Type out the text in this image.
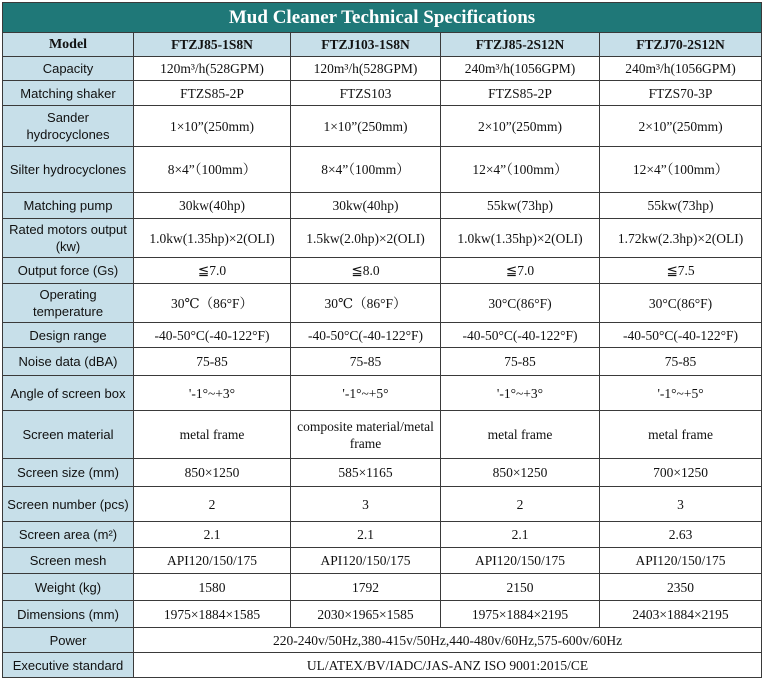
Mud Cleaner Technical Specifications				
Model	FTZJ85-1S8N	FTZJ103-1S8N	FTZJ85-2S12N	FTZJ70-2S12N
Capacity	120m³/h(528GPM)	120m³/h(528GPM)	240m³/h(1056GPM)	240m³/h(1056GPM)
Matching shaker	FTZS85-2P	FTZS103	FTZS85-2P	FTZS70-3P
Sander hydrocyclones	1×10”(250mm)	1×10”(250mm)	2×10”(250mm)	2×10”(250mm)
Silter hydrocyclones	8×4”（100mm）	8×4”（100mm）	12×4”（100mm）	12×4”（100mm）
Matching pump	30kw(40hp)	30kw(40hp)	55kw(73hp)	55kw(73hp)
Rated motors output (kw)	1.0kw(1.35hp)×2(OLI)	1.5kw(2.0hp)×2(OLI)	1.0kw(1.35hp)×2(OLI)	1.72kw(2.3hp)×2(OLI)
Output force (Gs)	≦7.0	≦8.0	≦7.0	≦7.5
Operating temperature	30℃（86°F）	30℃（86°F）	30°C(86°F)	30°C(86°F)
Design range	-40-50°C(-40-122°F)	-40-50°C(-40-122°F)	-40-50°C(-40-122°F)	-40-50°C(-40-122°F)
Noise data (dBA)	75-85	75-85	75-85	75-85
Angle of screen box	'-1°~+3°	'-1°~+5°	'-1°~+3°	'-1°~+5°
Screen material	metal frame	composite material/metal frame	metal frame	metal frame
Screen size (mm)	850×1250	585×1165	850×1250	700×1250
Screen number (pcs)	2	3	2	3
Screen area (m²)	2.1	2.1	2.1	2.63
Screen mesh	API120/150/175	API120/150/175	API120/150/175	API120/150/175
Weight (kg)	1580	1792	2150	2350
Dimensions (mm)	1975×1884×1585	2030×1965×1585	1975×1884×2195	2403×1884×2195
Power	220-240v/50Hz,380-415v/50Hz,440-480v/60Hz,575-600v/60Hz			
Executive standard	UL/ATEX/BV/IADC/JAS-ANZ ISO 9001:2015/CE			
